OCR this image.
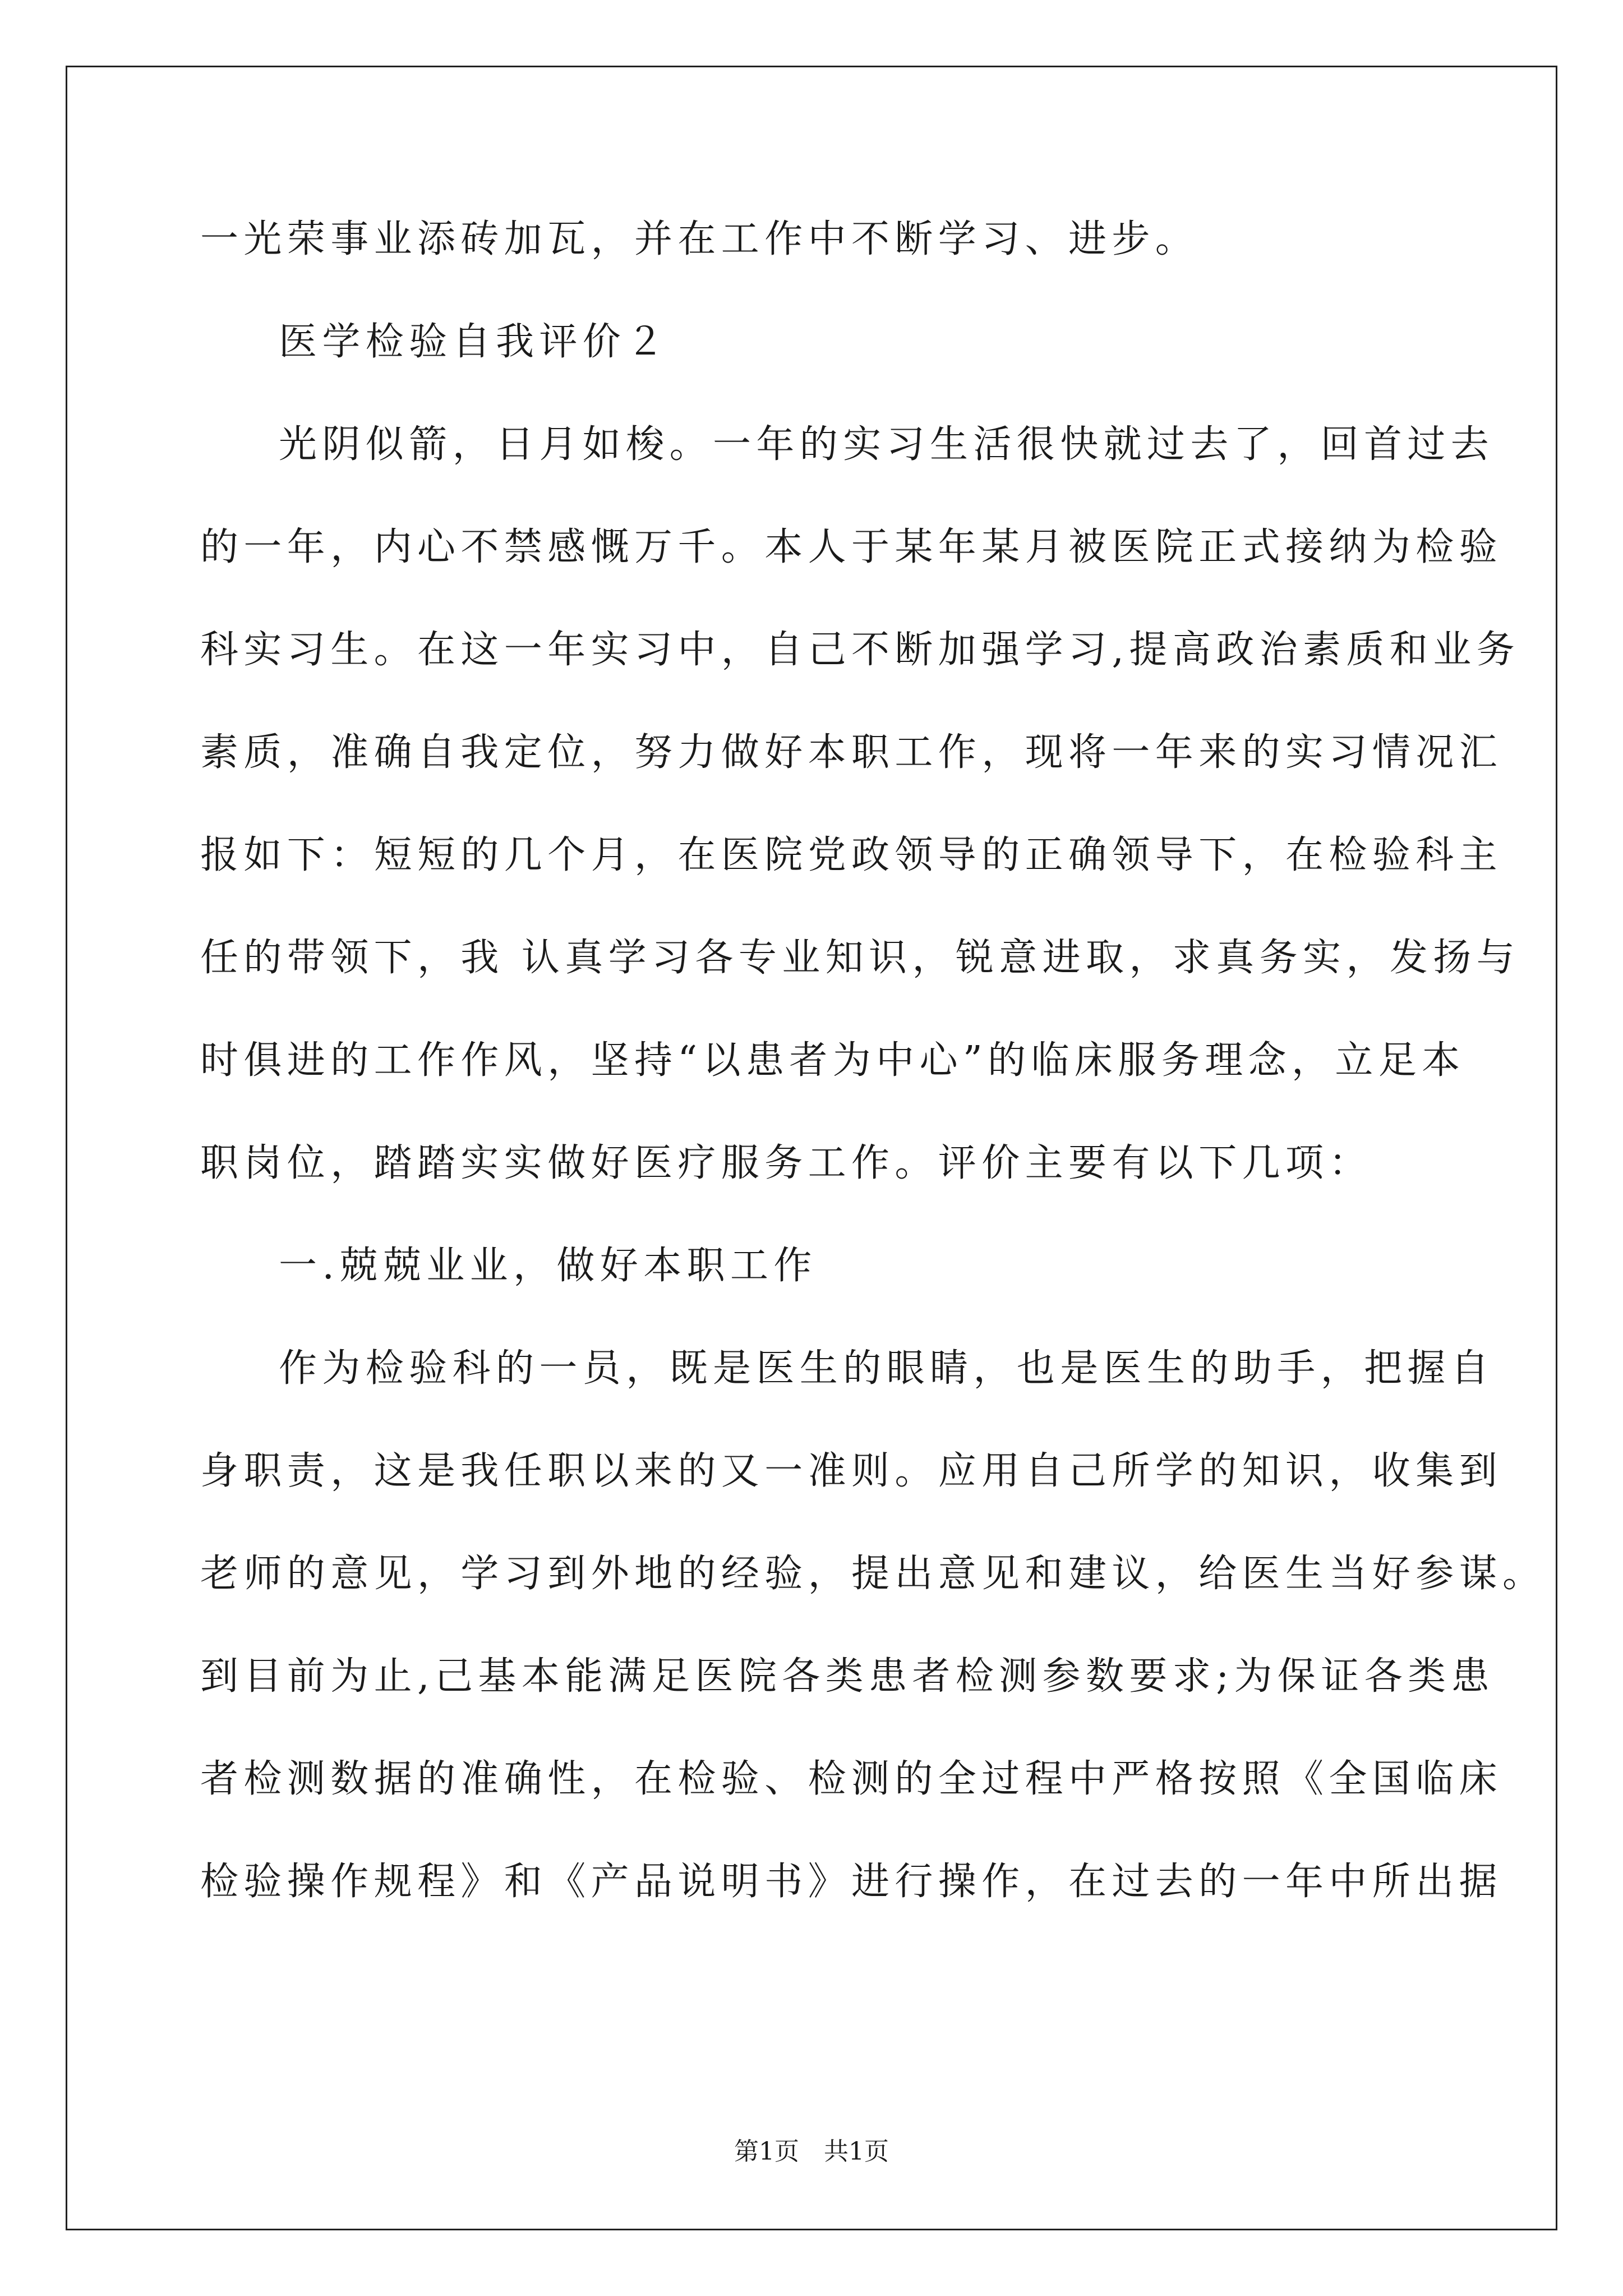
一光荣事业添砖加瓦，并在工作中不断学习、进步。
医学检验自我评价２
光阴似箭，日月如梭。一年的实习生活很快就过去了，回首过去
的一年，内心不禁感慨万千。本人于某年某月被医院正式接纳为检验
科实习生。在这一年实习中，自己不断加强学习,提高政治素质和业务
素质，准确自我定位，努力做好本职工作，现将一年来的实习情况汇
报如下：短短的几个月，在医院党政领导的正确领导下，在检验科主
任的带领下，我 认真学习各专业知识，锐意进取，求真务实，发扬与
时俱进的工作作风，坚持“以患者为中心”的临床服务理念，立足本
职岗位，踏踏实实做好医疗服务工作。评价主要有以下几项：
一.兢兢业业，做好本职工作
作为检验科的一员，既是医生的眼睛，也是医生的助手，把握自
身职责，这是我任职以来的又一准则。应用自己所学的知识，收集到
老师的意见，学习到外地的经验，提出意见和建议，给医生当好参谋。
到目前为止,己基本能满足医院各类患者检测参数要求;为保证各类患
者检测数据的准确性，在检验、检测的全过程中严格按照《全国临床
检验操作规程》和《产品说明书》进行操作，在过去的一年中所出据
第1页　共1页
